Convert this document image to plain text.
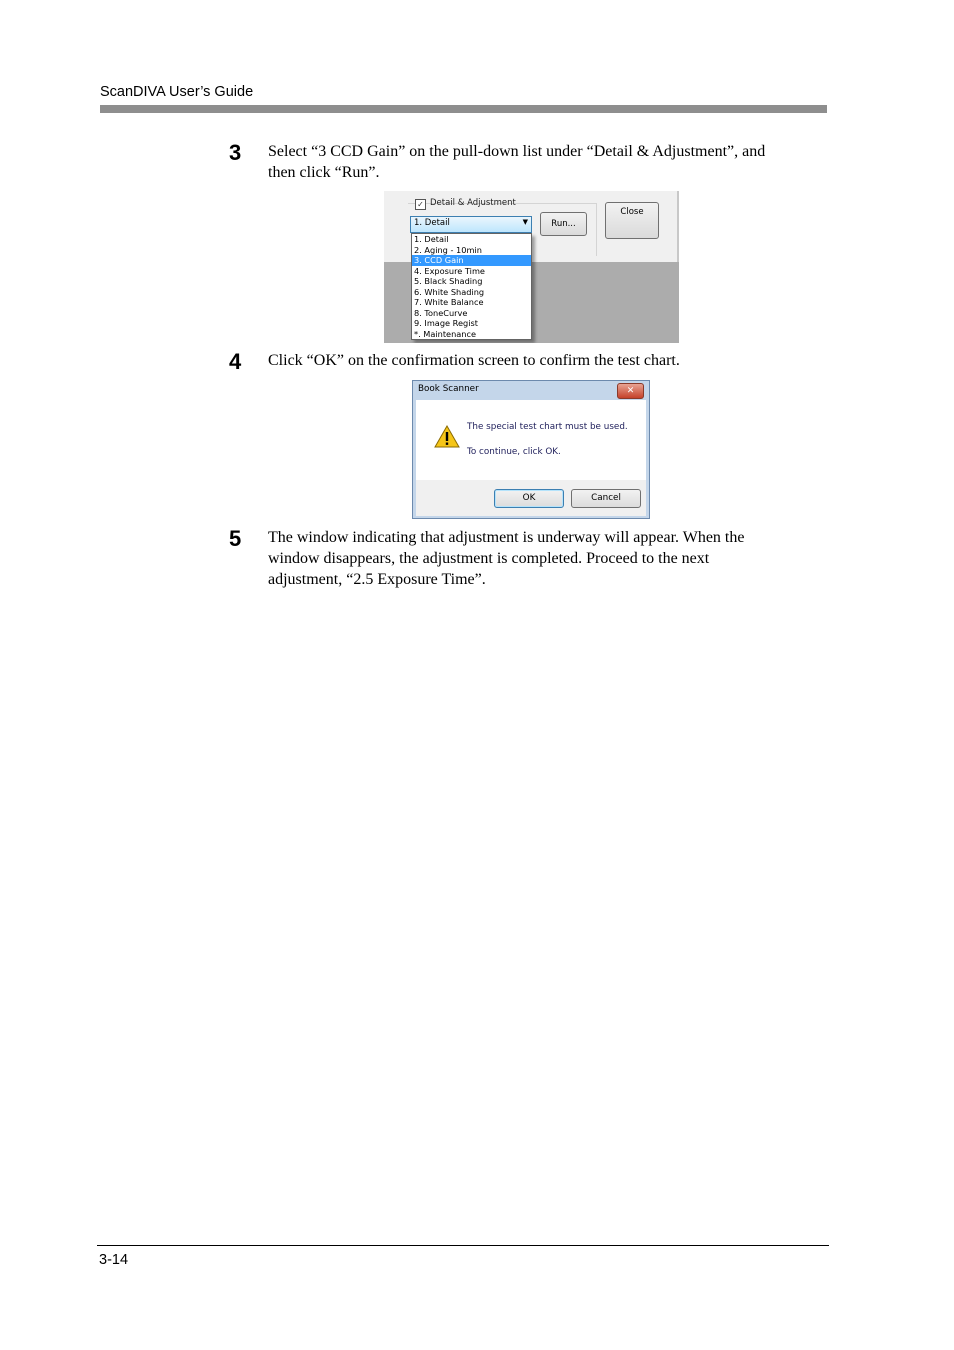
ScanDIVA User’s Guide
3 Select “3 CCD Gain” on the pull-down list under “Detail & Adjustment”, and
then click “Run”.
✓ Detail & Adjustment
1. Detail	▼	Run...
Close
1. Detail
2. Aging - 10min
3. CCD Gain
4. Exposure Time
5. Black Shading
6. White Shading
7. White Balance
8. ToneCurve
9. Image Regist
*. Maintenance
4 Click “OK” on the confirmation screen to confirm the test chart.
Book Scanner	✕
The special test chart must be used.
To continue, click OK.
OK	Cancel
5 The window indicating that adjustment is underway will appear. When the
window disappears, the adjustment is completed. Proceed to the next
adjustment, “2.5 Exposure Time”.
3-14
